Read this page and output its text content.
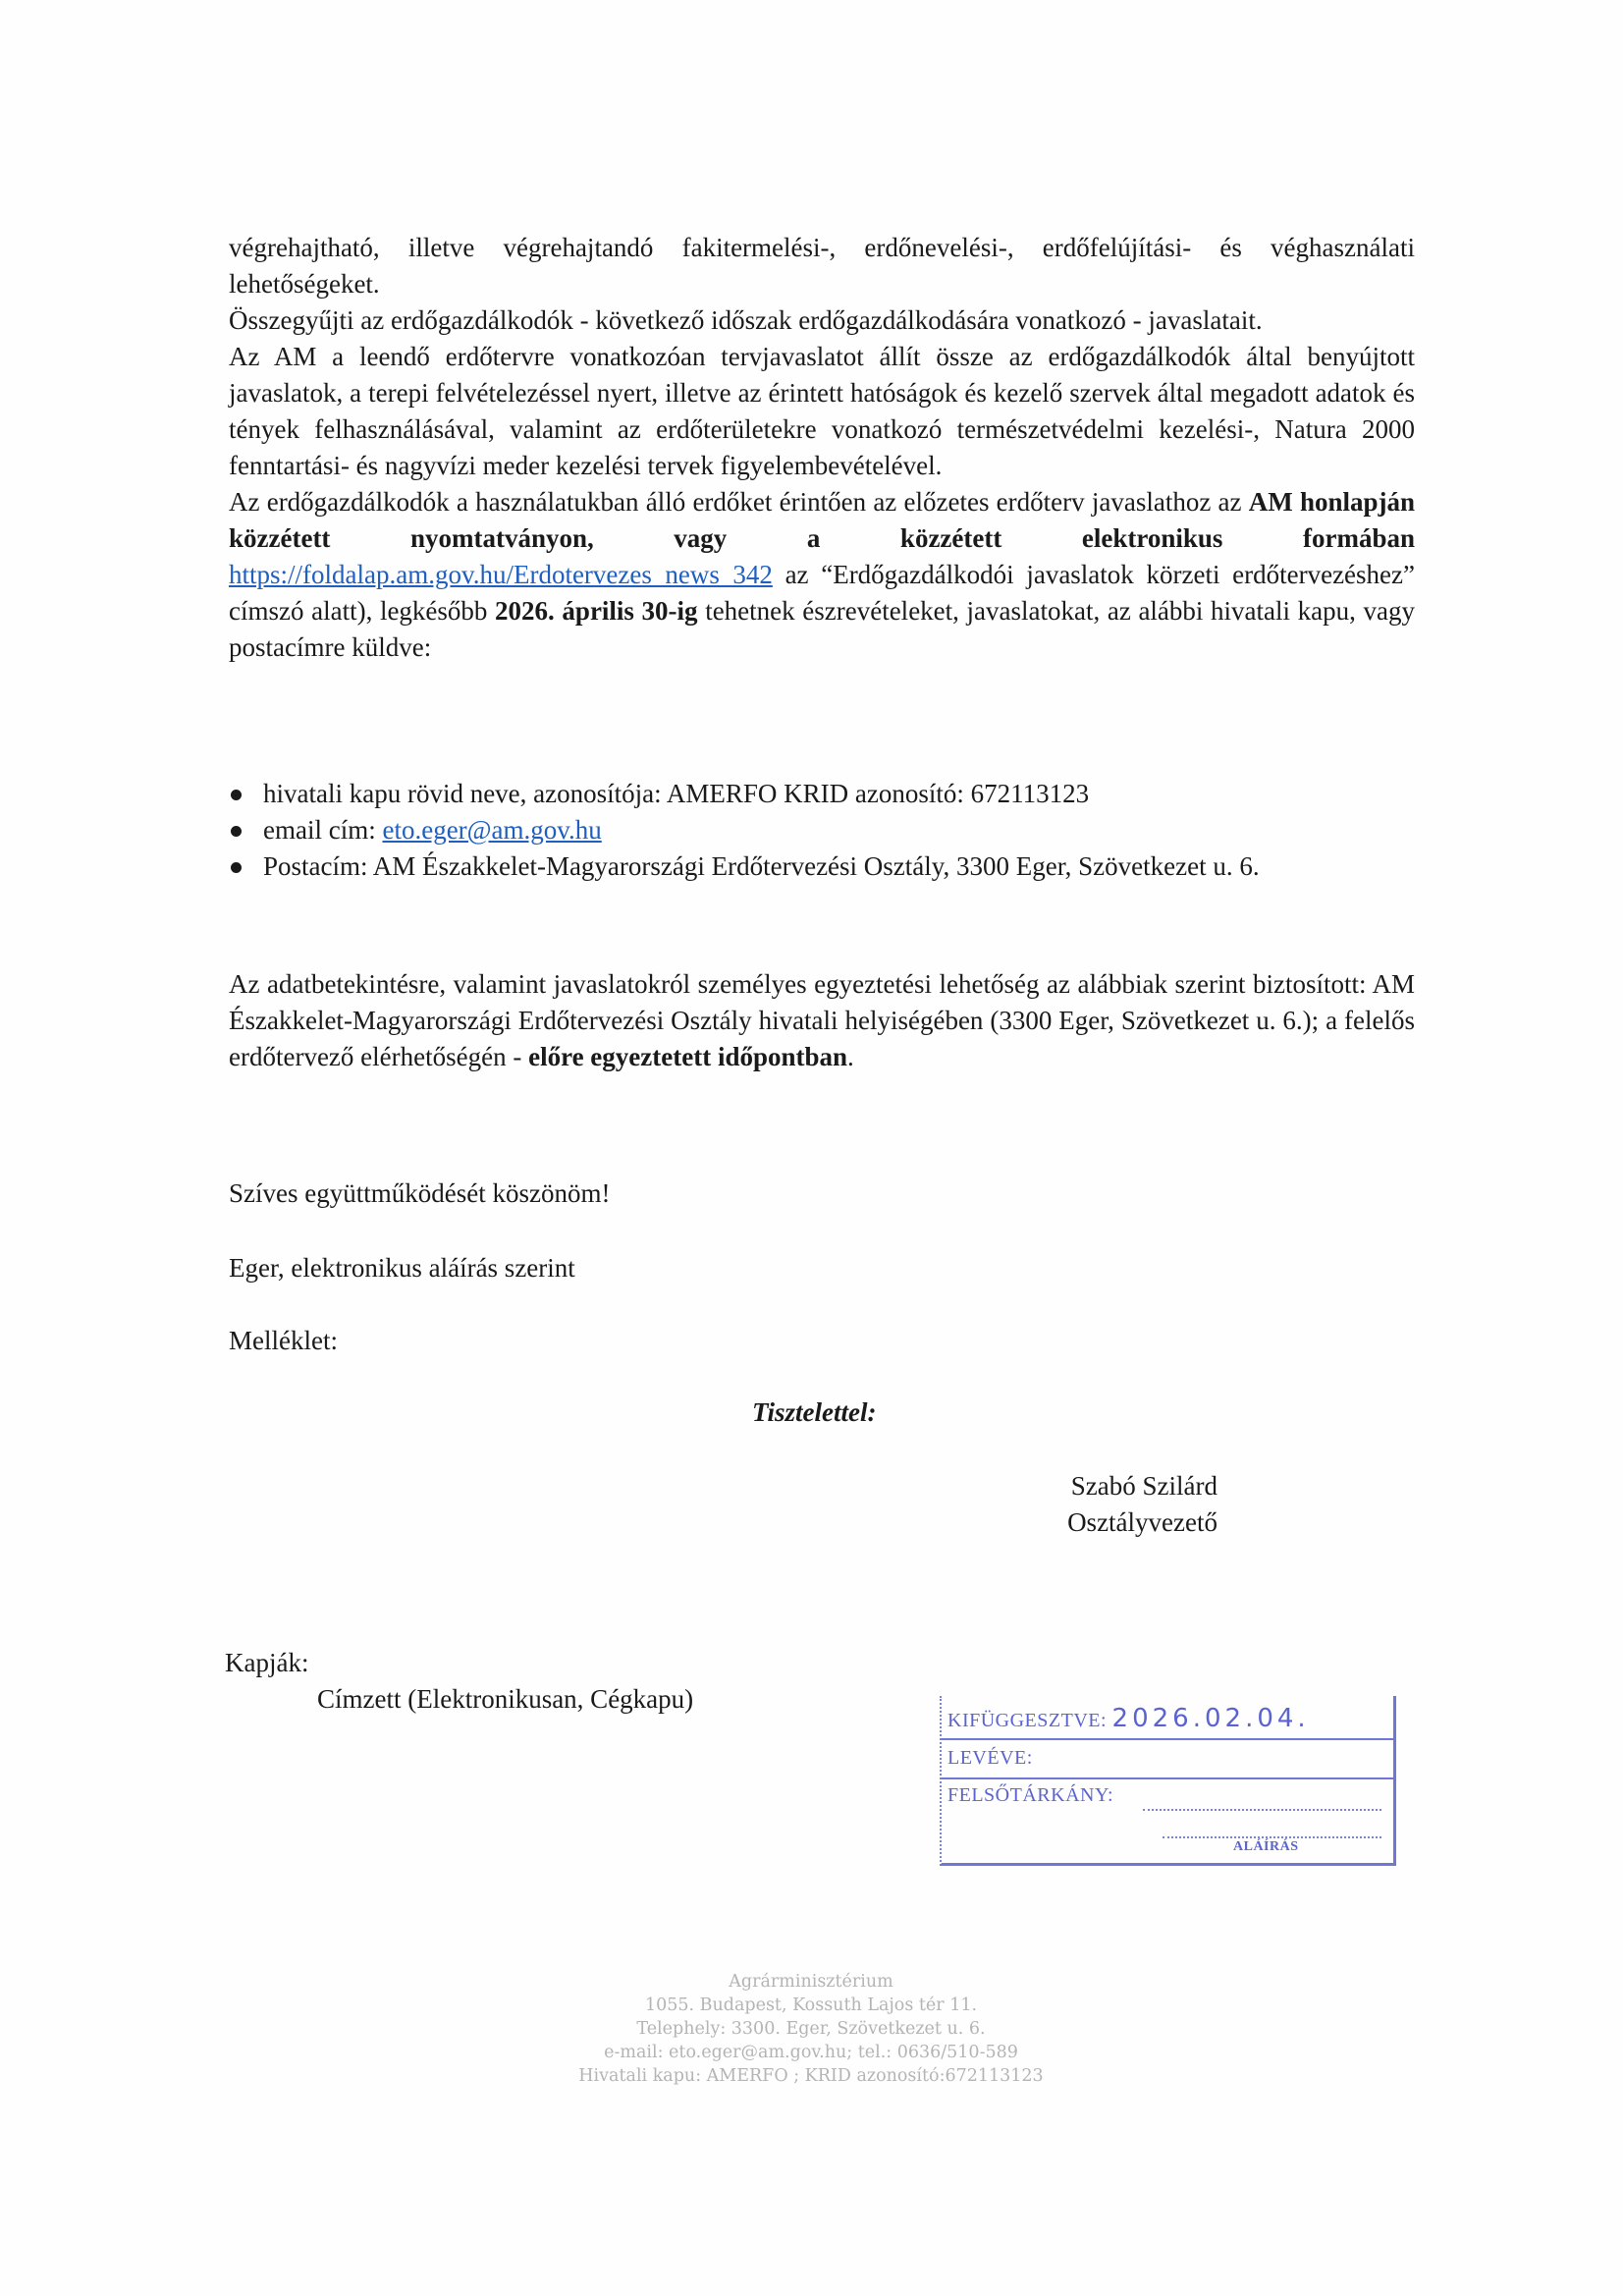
végrehajtható, illetve végrehajtandó fakitermelési-, erdőnevelési-, erdőfelújítási- és véghasználati lehetőségeket.

Összegyűjti az erdőgazdálkodók - következő időszak erdőgazdálkodására vonatkozó - javaslatait.

Az AM a leendő erdőtervre vonatkozóan tervjavaslatot állít össze az erdőgazdálkodók által benyújtott javaslatok, a terepi felvételezéssel nyert, illetve az érintett hatóságok és kezelő szervek által megadott adatok és tények felhasználásával, valamint az erdőterületekre vonatkozó természetvédelmi kezelési-, Natura 2000 fenntartási- és nagyvízi meder kezelési tervek figyelembevételével.

Az erdőgazdálkodók a használatukban álló erdőket érintően az előzetes erdőterv javaslathoz az AM honlapján közzétett nyomtatványon, vagy a közzétett elektronikus formában https://foldalap.am.gov.hu/Erdotervezes_news_342 az “Erdőgazdálkodói javaslatok körzeti erdőtervezéshez” címszó alatt), legkésőbb 2026. április 30-ig tehetnek észrevételeket, javaslatokat, az alábbi hivatali kapu, vagy postacímre küldve:

hivatali kapu rövid neve, azonosítója: AMERFO KRID azonosító: 672113123
email cím: eto.eger@am.gov.hu
Postacím: AM Északkelet-Magyarországi Erdőtervezési Osztály, 3300 Eger, Szövetkezet u. 6.

Az adatbetekintésre, valamint javaslatokról személyes egyeztetési lehetőség az alábbiak szerint biztosított: AM Északkelet-Magyarországi Erdőtervezési Osztály hivatali helyiségében (3300 Eger, Szövetkezet u. 6.); a felelős erdőtervező elérhetőségén - előre egyeztetett időpontban.

Szíves együttműködését köszönöm!
Eger, elektronikus aláírás szerint
Melléklet:
Tisztelettel:
Szabó Szilárd
Osztályvezető
Kapják:
Címzett (Elektronikusan, Cégkapu)
KIFÜGGESZTVE: 2026.02.04.
LEVÉVE:
FELSŐTÁRKÁNY:
ALÁÍRÁS
Agrárminisztérium
1055. Budapest, Kossuth Lajos tér 11.
Telephely: 3300. Eger, Szövetkezet u. 6.
e-mail: eto.eger@am.gov.hu; tel.: 0636/510-589
Hivatali kapu: AMERFO ; KRID azonosító:672113123
